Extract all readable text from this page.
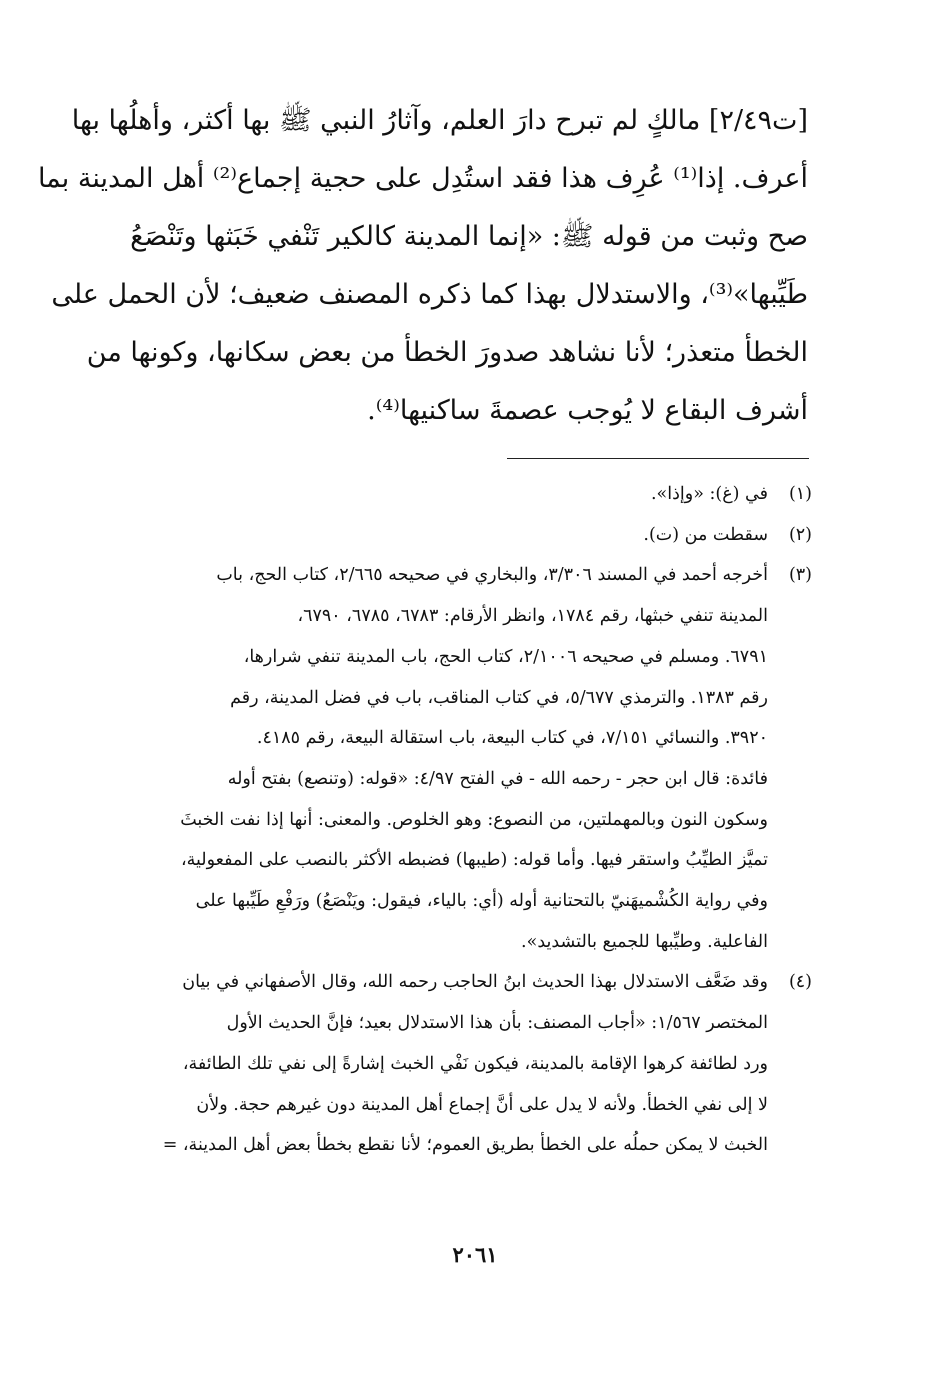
[ت٢/٤٩] مالكٍ لم تبرح دارَ العلم، وآثارُ النبي ﷺ بها أكثر، وأهلُها بها
أعرف. إذا⁽¹⁾ عُرِف هذا فقد استُدِل على حجية إجماع⁽²⁾ أهل المدينة بما
صح وثبت من قوله ﷺ: «إنما المدينة كالكير تَنْفي خَبَثها وتَنْصَعُ
طَيِّبها»⁽³⁾، والاستدلال بهذا كما ذكره المصنف ضعيف؛ لأن الحمل على
الخطأ متعذر؛ لأنا نشاهد صدورَ الخطأ من بعض سكانها، وكونها من
أشرف البقاع لا يُوجب عصمةَ ساكنيها⁽⁴⁾.
(١)
في (غ): «وإذا».
(٢)
سقطت من (ت).
(٣)
أخرجه أحمد في المسند ٣/٣٠٦، والبخاري في صحيحه ٢/٦٦٥، كتاب الحج، باب
المدينة تنفي خبثها، رقم ١٧٨٤، وانظر الأرقام: ٦٧٨٣، ٦٧٨٥، ٦٧٩٠،
٦٧٩١. ومسلم في صحيحه ٢/١٠٠٦، كتاب الحج، باب المدينة تنفي شرارها،
رقم ١٣٨٣. والترمذي ٥/٦٧٧، في كتاب المناقب، باب في فضل المدينة، رقم
٣٩٢٠. والنسائي ٧/١٥١، في كتاب البيعة، باب استقالة البيعة، رقم ٤١٨٥.
فائدة: قال ابن حجر - رحمه الله - في الفتح ٤/٩٧: «قوله: (وتنصع) بفتح أوله
وسكون النون وبالمهملتين، من النصوع: وهو الخلوص. والمعنى: أنها إذا نفت الخبثَ
تميَّز الطيِّبُ واستقر فيها. وأما قوله: (طيبها) فضبطه الأكثر بالنصب على المفعولية،
وفي رواية الكُشْميهَنيّ بالتحتانية أوله (أي: بالياء، فيقول: ويَنْصَعُ) ورَفْعِ طَيِّبها على
الفاعلية. وطيِّبها للجميع بالتشديد».
(٤)
وقد ضَعَّف الاستدلال بهذا الحديث ابنُ الحاجب رحمه الله، وقال الأصفهاني في بيان
المختصر ١/٥٦٧: «أجاب المصنف: بأن هذا الاستدلال بعيد؛ فإنَّ الحديث الأول
ورد لطائفة كرهوا الإقامة بالمدينة، فيكون نَفْي الخبث إشارةً إلى نفي تلك الطائفة،
لا إلى نفي الخطأ. ولأنه لا يدل على أنَّ إجماع أهل المدينة دون غيرهم حجة. ولأن
الخبث لا يمكن حملُه على الخطأ بطريق العموم؛ لأنا نقطع بخطأ بعض أهل المدينة، =
٢٠٦١
